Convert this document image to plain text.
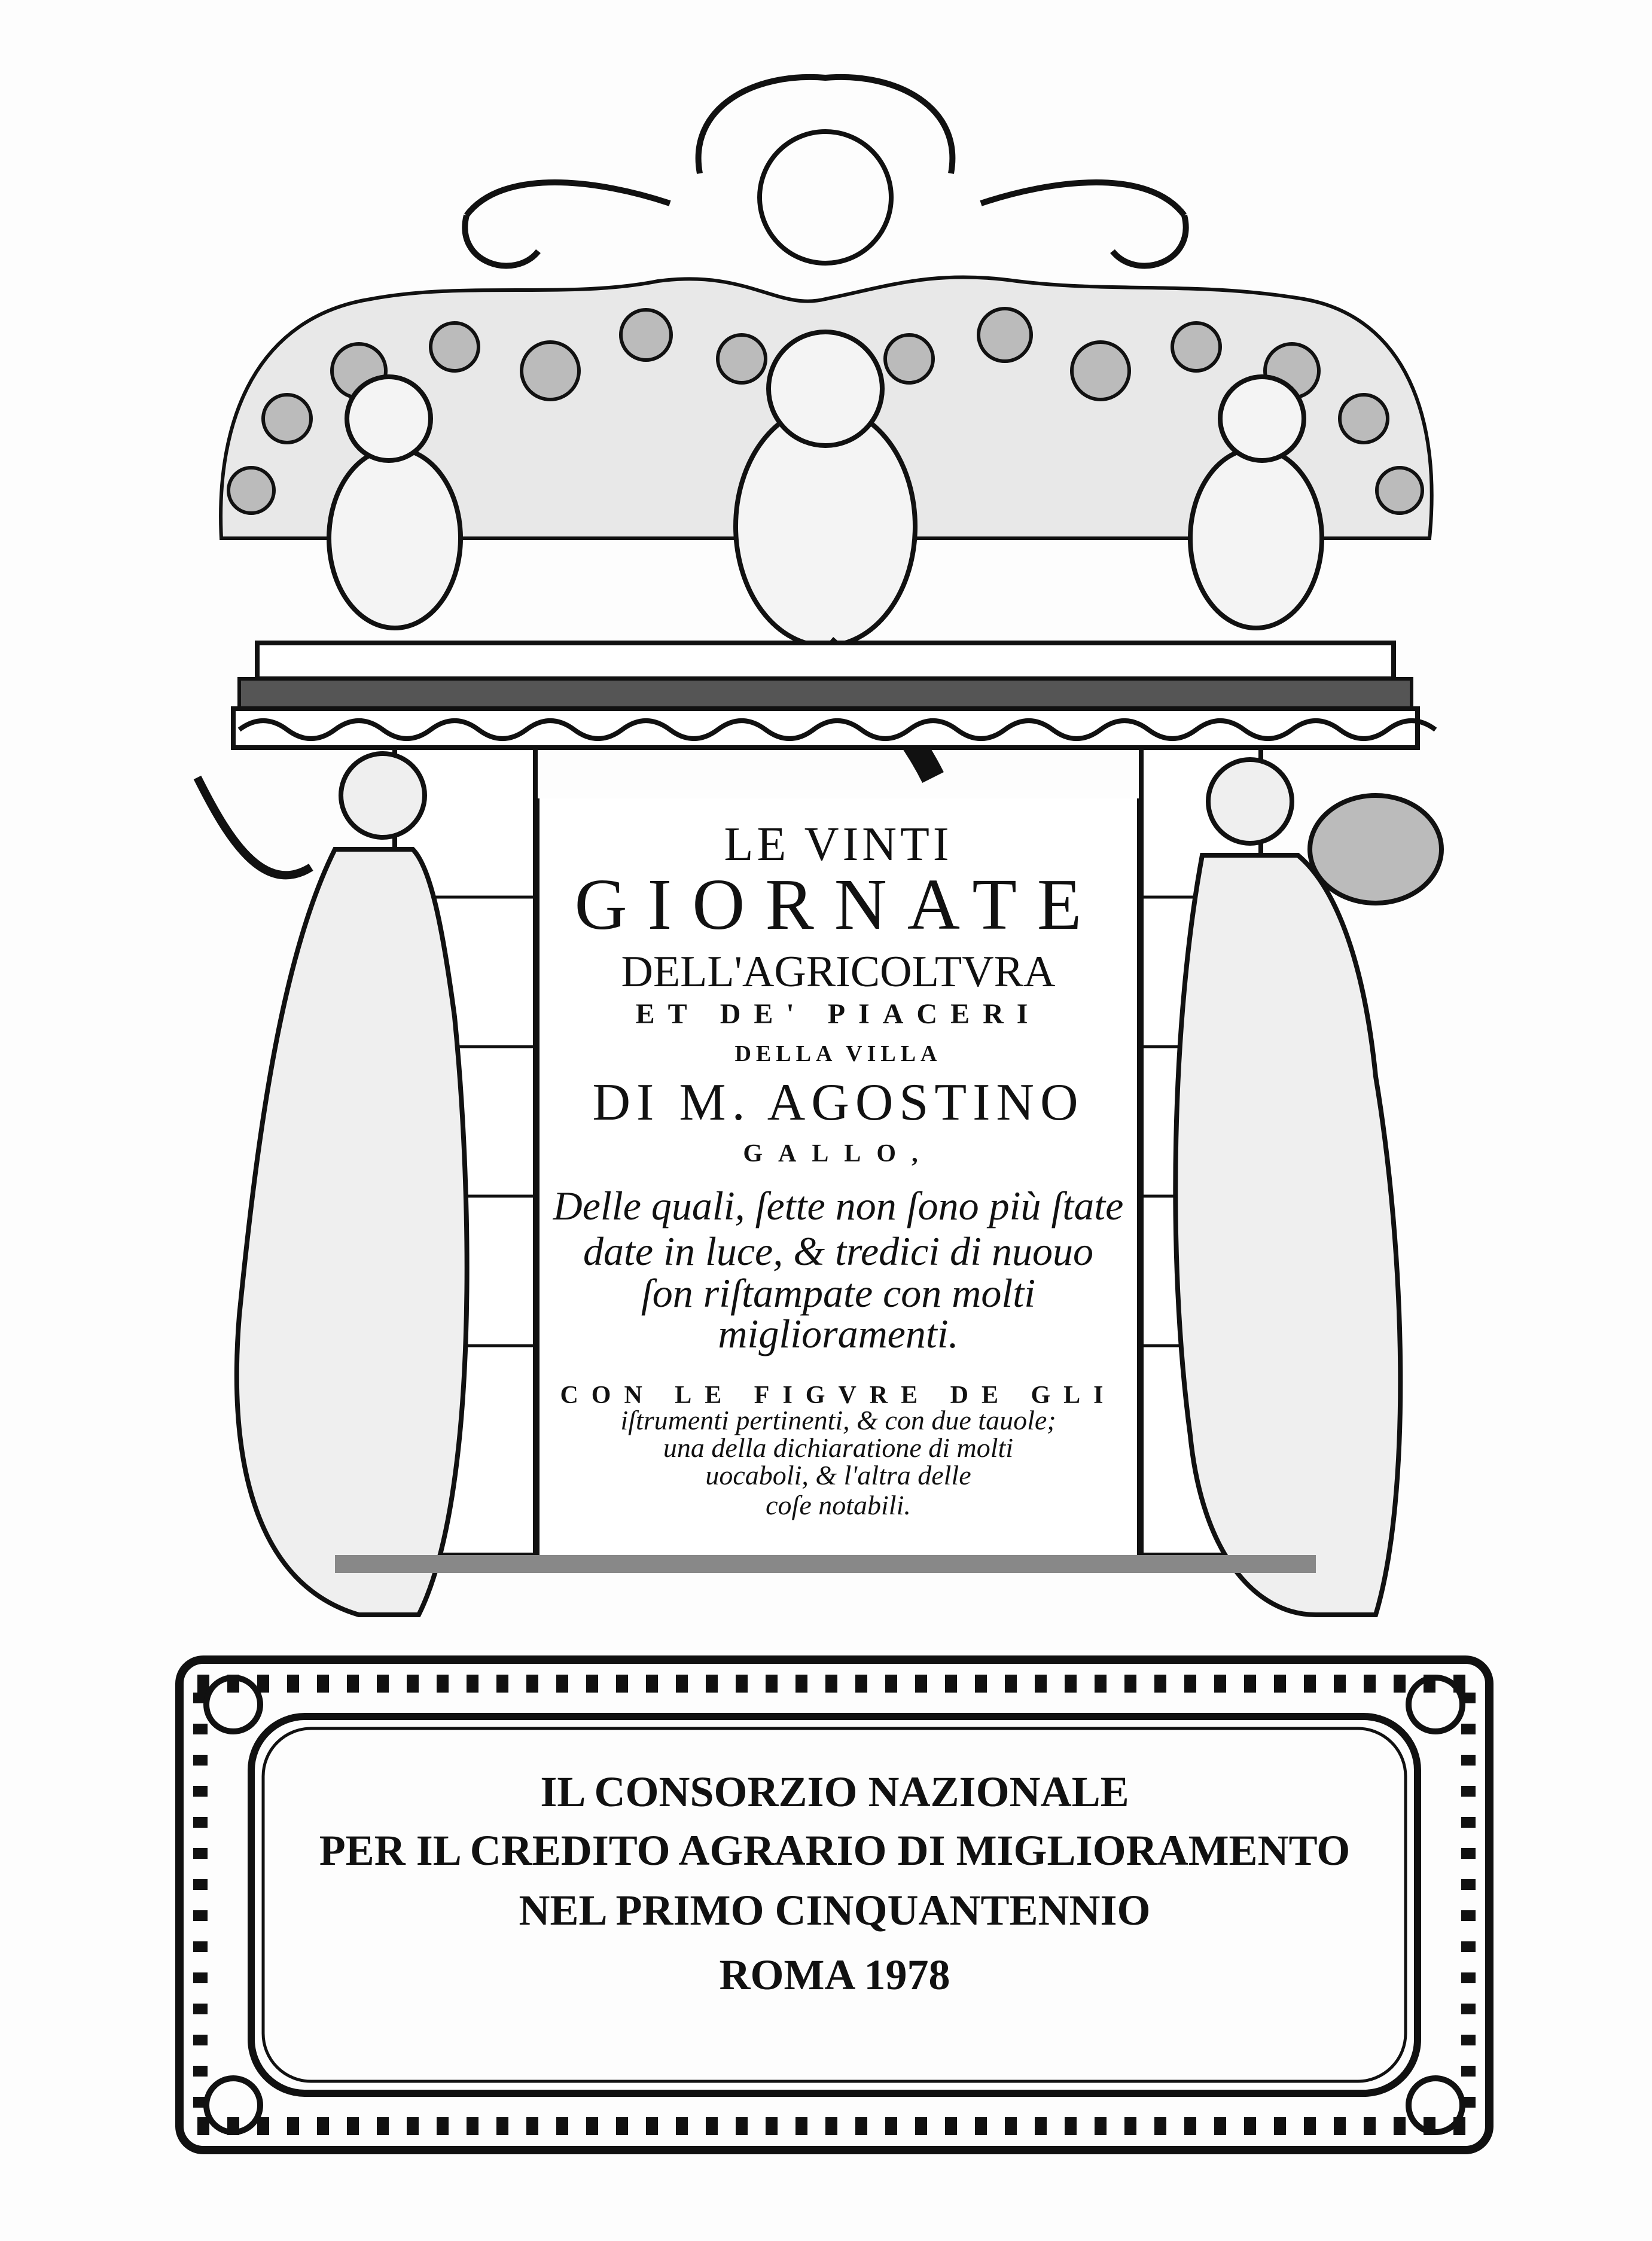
LE VINTI
GIORNATE
DELL'AGRICOLTVRA
ET DE' PIACERI
DELLA VILLA
DI M. AGOSTINO
GALLO,
Delle quali, ſette non ſono più ſtate
date in luce, & tredici di nuouo
ſon riſtampate con molti
miglioramenti.
CON LE FIGVRE DE GLI
iſtrumenti pertinenti, & con due tauole;
una della dichiaratione di molti
uocaboli, & l'altra delle
coſe notabili.
IL CONSORZIO NAZIONALE
PER IL CREDITO AGRARIO DI MIGLIORAMENTO
NEL PRIMO CINQUANTENNIO
ROMA 1978
